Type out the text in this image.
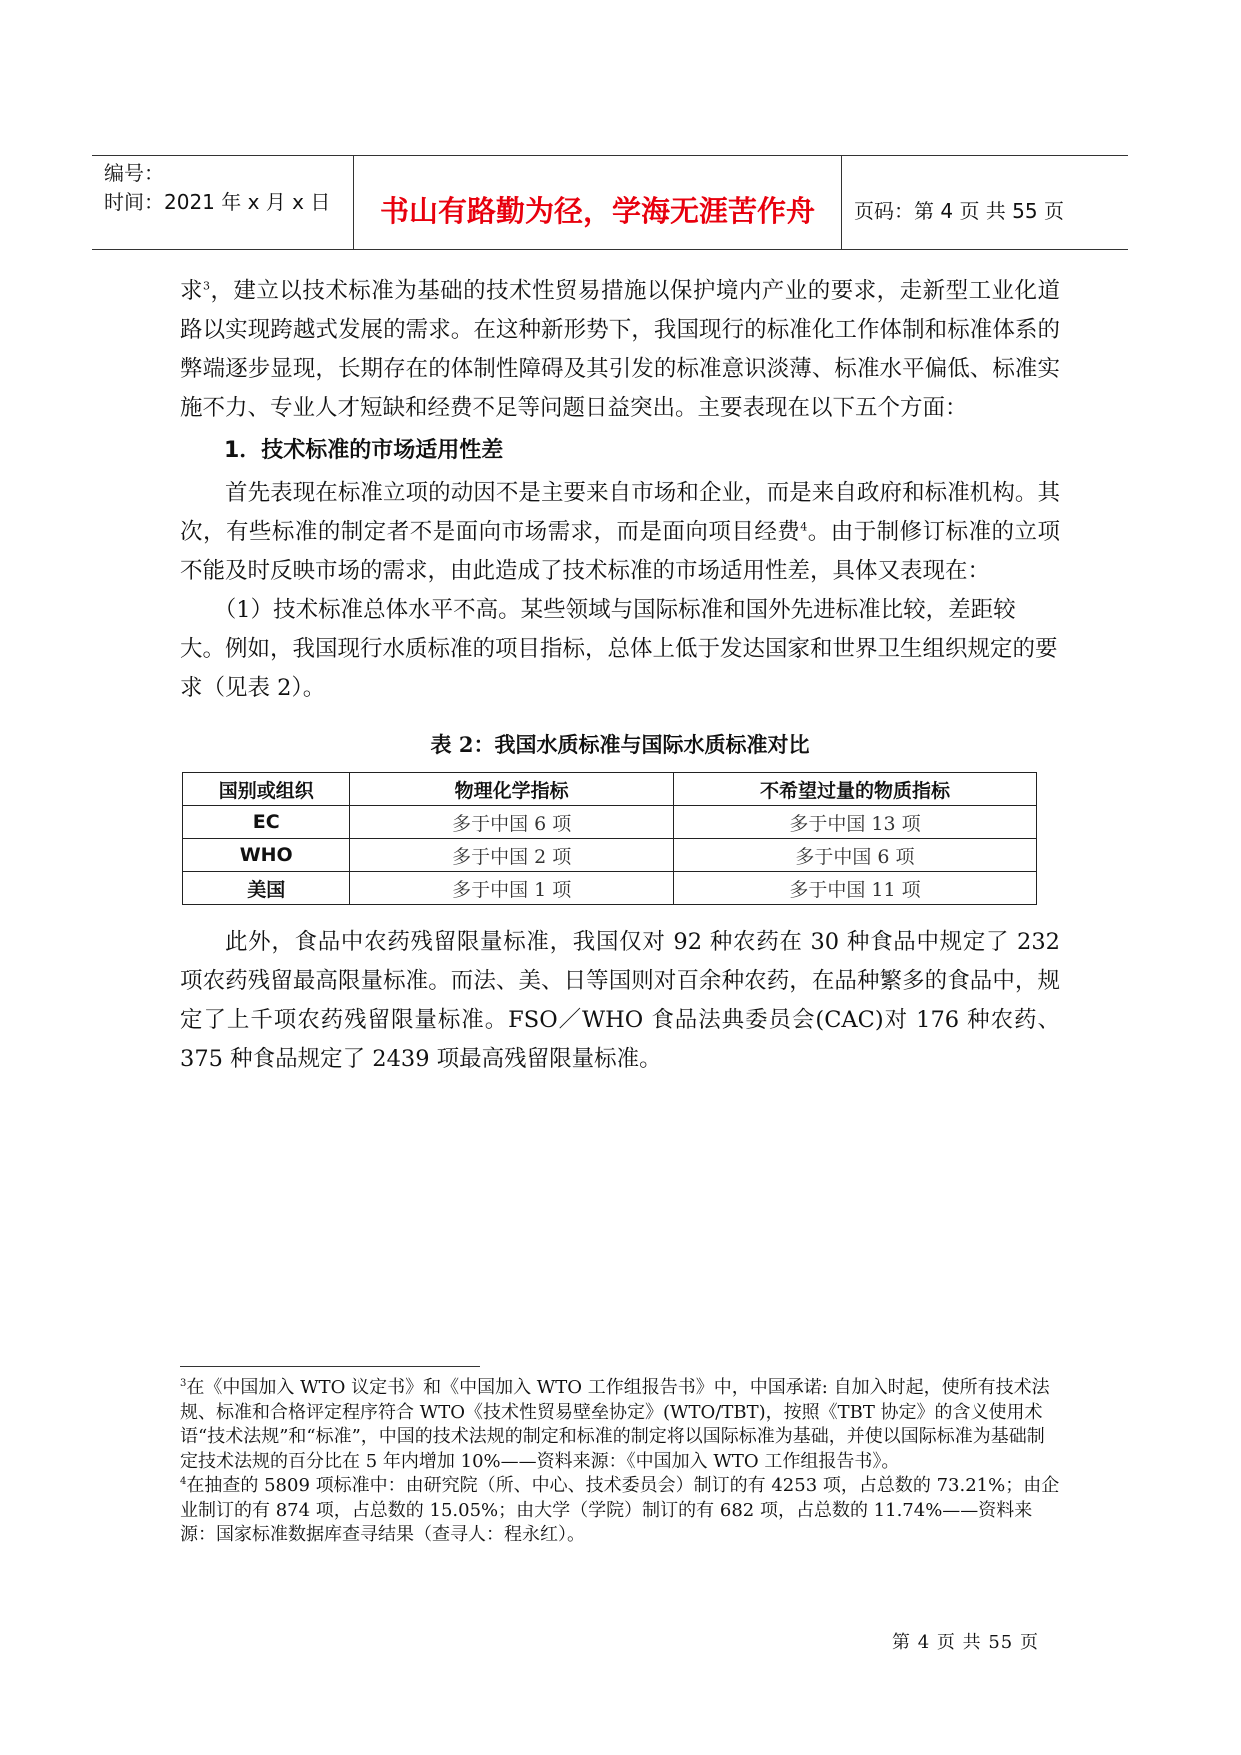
编号：
时间：2021 年 x 月 x 日	书山有路勤为径，学海无涯苦作舟	页码：第 4 页 共 55 页

求$^3$，建立以技术标准为基础的技术性贸易措施以保护境内产业的要求，走新型工业化道路以实现跨越式发展的需求。在这种新形势下，我国现行的标准化工作体制和标准体系的弊端逐步显现，长期存在的体制性障碍及其引发的标准意识淡薄、标准水平偏低、标准实施不力、专业人才短缺和经费不足等问题日益突出。主要表现在以下五个方面：

1．技术标准的市场适用性差

首先表现在标准立项的动因不是主要来自市场和企业，而是来自政府和标准机构。其次，有些标准的制定者不是面向市场需求，而是面向项目经费$^4$。由于制修订标准的立项不能及时反映市场的需求，由此造成了技术标准的市场适用性差，具体又表现在：

（1）技术标准总体水平不高。某些领域与国际标准和国外先进标准比较，差距较大。例如，我国现行水质标准的项目指标，总体上低于发达国家和世界卫生组织规定的要求（见表 2）。

表 2：我国水质标准与国际水质标准对比
国别或组织	物理化学指标	不希望过量的物质指标
EC	多于中国 6 项	多于中国 13 项
WHO	多于中国 2 项	多于中国 6 项
美国	多于中国 1 项	多于中国 11 项

此外，食品中农药残留限量标准，我国仅对 92 种农药在 30 种食品中规定了 232 项农药残留最高限量标准。而法、美、日等国则对百余种农药，在品种繁多的食品中，规定了上千项农药残留限量标准。FSO／WHO 食品法典委员会(CAC)对 176 种农药、375 种食品规定了 2439 项最高残留限量标准。

$^3$在《中国加入 WTO 议定书》和《中国加入 WTO 工作组报告书》中，中国承诺: 自加入时起，使所有技术法规、标准和合格评定程序符合 WTO《技术性贸易壁垒协定》(WTO/TBT)，按照《TBT 协定》的含义使用术语“技术法规”和“标准”，中国的技术法规的制定和标准的制定将以国际标准为基础，并使以国际标准为基础制定技术法规的百分比在 5 年内增加 10%——资料来源：《中国加入 WTO 工作组报告书》。

$^4$在抽查的 5809 项标准中：由研究院（所、中心、技术委员会）制订的有 4253 项，占总数的 73.21%；由企业制订的有 874 项，占总数的 15.05%；由大学（学院）制订的有 682 项，占总数的 11.74%——资料来源：国家标准数据库查寻结果（查寻人：程永红）。

第 4 页 共 55 页
